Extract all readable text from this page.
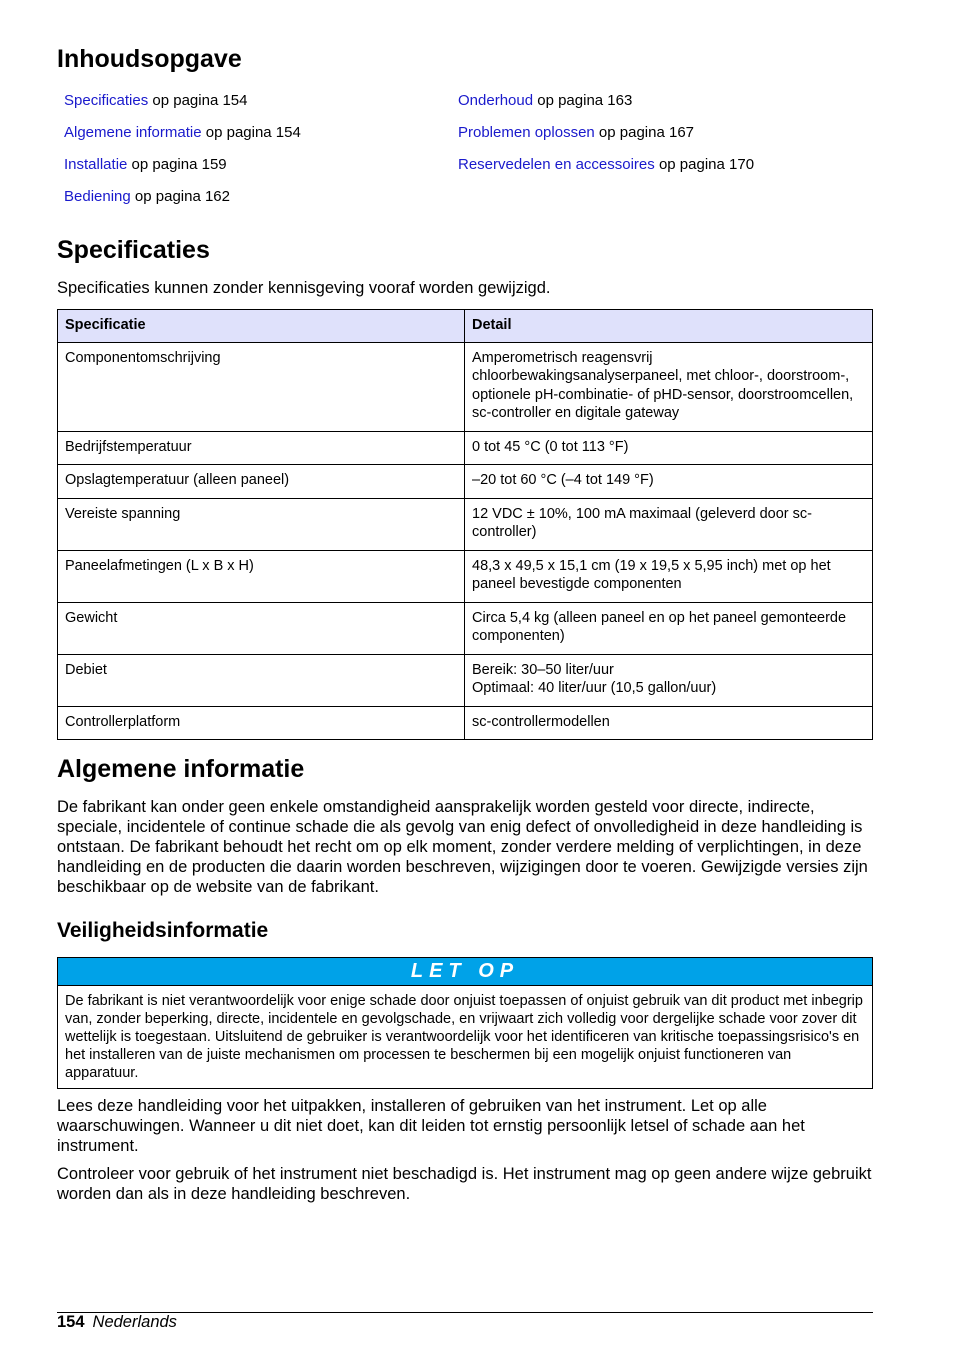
Inhoudsopgave
Specificaties op pagina 154
Algemene informatie op pagina 154
Installatie op pagina 159
Bediening op pagina 162
Onderhoud op pagina 163
Problemen oplossen op pagina 167
Reservedelen en accessoires op pagina 170
Specificaties

Specificaties kunnen zonder kennisgeving vooraf worden gewijzigd.

Specificatie	Detail
Componentomschrijving	Amperometrisch reagensvrij chloorbewakingsanalyserpaneel, met chloor-, doorstroom-, optionele pH-combinatie- of pHD-sensor, doorstroomcellen, sc-controller en digitale gateway
Bedrijfstemperatuur	0 tot 45 °C (0 tot 113 °F)
Opslagtemperatuur (alleen paneel)	–20 tot 60 °C (–4 tot 149 °F)
Vereiste spanning	12 VDC ± 10%, 100 mA maximaal (geleverd door sc-controller)
Paneelafmetingen (L x B x H)	48,3 x 49,5 x 15,1 cm (19 x 19,5 x 5,95 inch) met op het paneel bevestigde componenten
Gewicht	Circa 5,4 kg (alleen paneel en op het paneel gemonteerde componenten)
Debiet	Bereik: 30–50 liter/uur
Optimaal: 40 liter/uur (10,5 gallon/uur)
Controllerplatform	sc-controllermodellen
Algemene informatie

De fabrikant kan onder geen enkele omstandigheid aansprakelijk worden gesteld voor directe, indirecte, speciale, incidentele of continue schade die als gevolg van enig defect of onvolledigheid in deze handleiding is ontstaan. De fabrikant behoudt het recht om op elk moment, zonder verdere melding of verplichtingen, in deze handleiding en de producten die daarin worden beschreven, wijzigingen door te voeren. Gewijzigde versies zijn beschikbaar op de website van de fabrikant.

Veiligheidsinformatie
LET OP
De fabrikant is niet verantwoordelijk voor enige schade door onjuist toepassen of onjuist gebruik van dit product met inbegrip van, zonder beperking, directe, incidentele en gevolgschade, en vrijwaart zich volledig voor dergelijke schade voor zover dit wettelijk is toegestaan. Uitsluitend de gebruiker is verantwoordelijk voor het identificeren van kritische toepassingsrisico's en het installeren van de juiste mechanismen om processen te beschermen bij een mogelijk onjuist functioneren van apparatuur.

Lees deze handleiding voor het uitpakken, installeren of gebruiken van het instrument. Let op alle waarschuwingen. Wanneer u dit niet doet, kan dit leiden tot ernstig persoonlijk letsel of schade aan het instrument.

Controleer voor gebruik of het instrument niet beschadigd is. Het instrument mag op geen andere wijze gebruikt worden dan als in deze handleiding beschreven.

154 Nederlands
